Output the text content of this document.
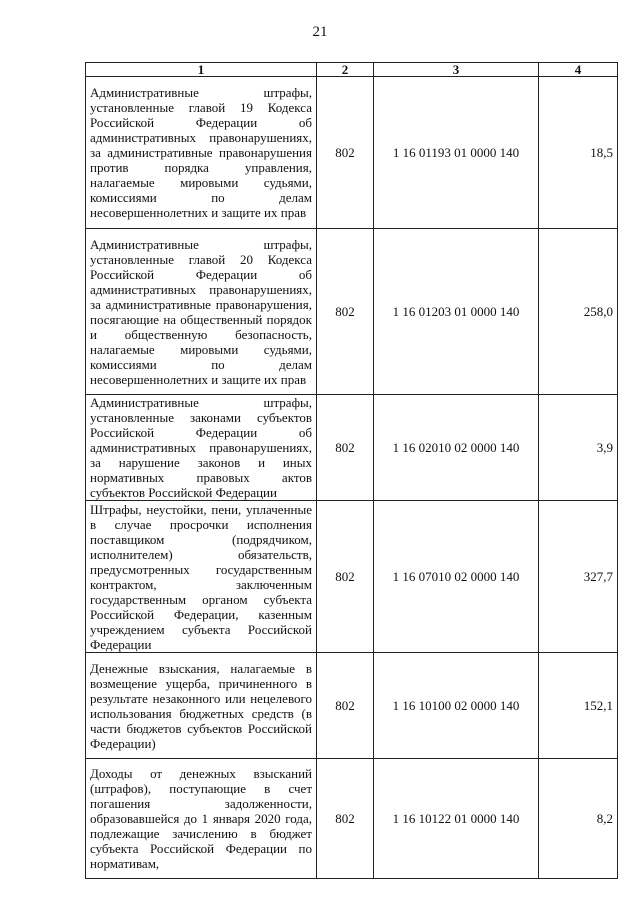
21
1	2	3	4
Административные штрафы, установленные главой 19 Кодекса Российской Федерации об административных правонарушениях, за административные правонарушения против порядка управления, налагаемые мировыми судьями, комиссиями по делам несовершеннолетних и защите их прав	802	1 16 01193 01 0000 140	18,5
Административные штрафы, установленные главой 20 Кодекса Российской Федерации об административных правонарушениях, за административные правонарушения, посягающие на общественный порядок и общественную безопасность, налагаемые мировыми судьями, комиссиями по делам несовершеннолетних и защите их прав	802	1 16 01203 01 0000 140	258,0
Административные штрафы, установленные законами субъектов Российской Федерации об административных правонарушениях, за нарушение законов и иных нормативных правовых актов субъектов Российской Федерации	802	1 16 02010 02 0000 140	3,9
Штрафы, неустойки, пени, уплаченные в случае просрочки исполнения поставщиком (подрядчиком, исполнителем) обязательств, предусмотренных государственным контрактом, заключенным государственным органом субъекта Российской Федерации, казенным учреждением субъекта Российской Федерации	802	1 16 07010 02 0000 140	327,7
Денежные взыскания, налагаемые в возмещение ущерба, причиненного в результате незаконного или нецелевого использования бюджетных средств (в части бюджетов субъектов Российской Федерации)	802	1 16 10100 02 0000 140	152,1
Доходы от денежных взысканий (штрафов), поступающие в счет погашения задолженности, образовавшейся до 1 января 2020 года, подлежащие зачислению в бюджет субъекта Российской Федерации по нормативам,	802	1 16 10122 01 0000 140	8,2
